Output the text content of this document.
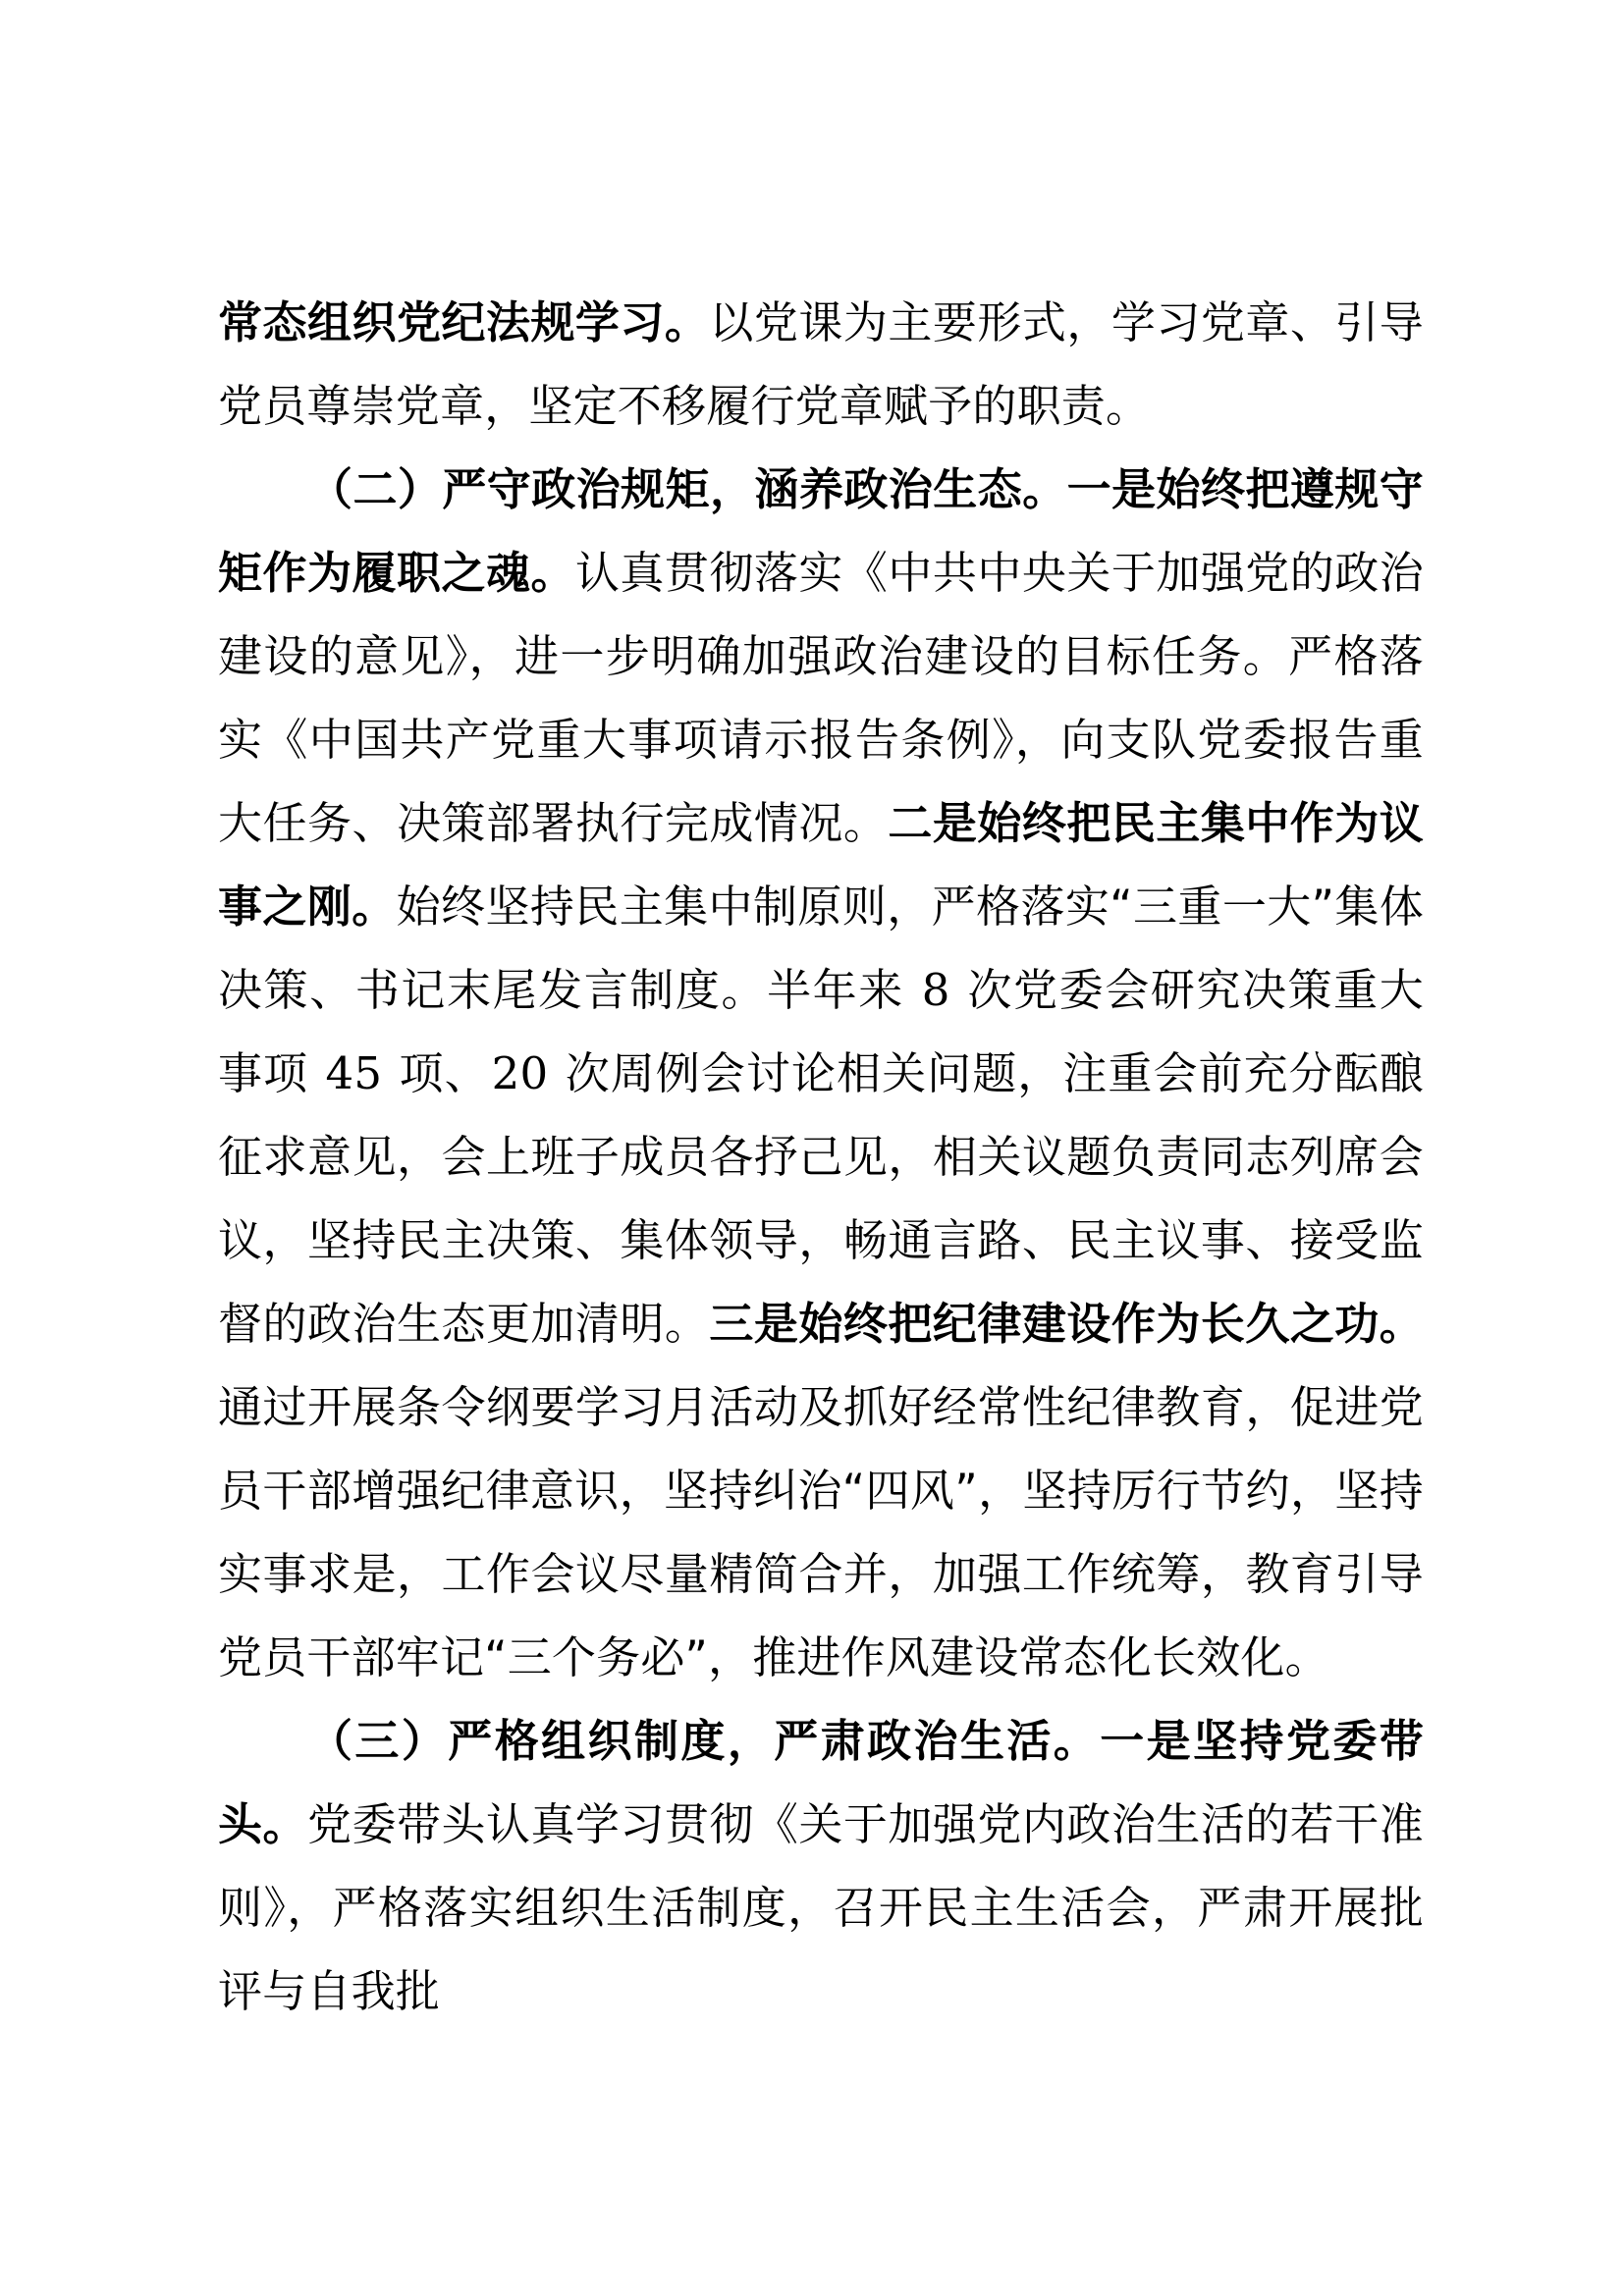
常态组织党纪法规学习。以党课为主要形式，学习党章、引导党员尊崇党章，坚定不移履行党章赋予的职责。

（二）严守政治规矩，涵养政治生态。一是始终把遵规守矩作为履职之魂。认真贯彻落实《中共中央关于加强党的政治建设的意见》，进一步明确加强政治建设的目标任务。严格落实《中国共产党重大事项请示报告条例》，向支队党委报告重大任务、决策部署执行完成情况。二是始终把民主集中作为议事之刚。始终坚持民主集中制原则，严格落实“三重一大”集体决策、书记末尾发言制度。半年来 8 次党委会研究决策重大事项 45 项、20 次周例会讨论相关问题，注重会前充分酝酿征求意见，会上班子成员各抒己见，相关议题负责同志列席会议，坚持民主决策、集体领导，畅通言路、民主议事、接受监督的政治生态更加清明。三是始终把纪律建设作为长久之功。通过开展条令纲要学习月活动及抓好经常性纪律教育，促进党员干部增强纪律意识，坚持纠治“四风”，坚持厉行节约，坚持实事求是，工作会议尽量精简合并，加强工作统筹，教育引导党员干部牢记“三个务必”，推进作风建设常态化长效化。

（三）严格组织制度，严肃政治生活。一是坚持党委带头。党委带头认真学习贯彻《关于加强党内政治生活的若干准则》，严格落实组织生活制度，召开民主生活会，严肃开展批评与自我批
